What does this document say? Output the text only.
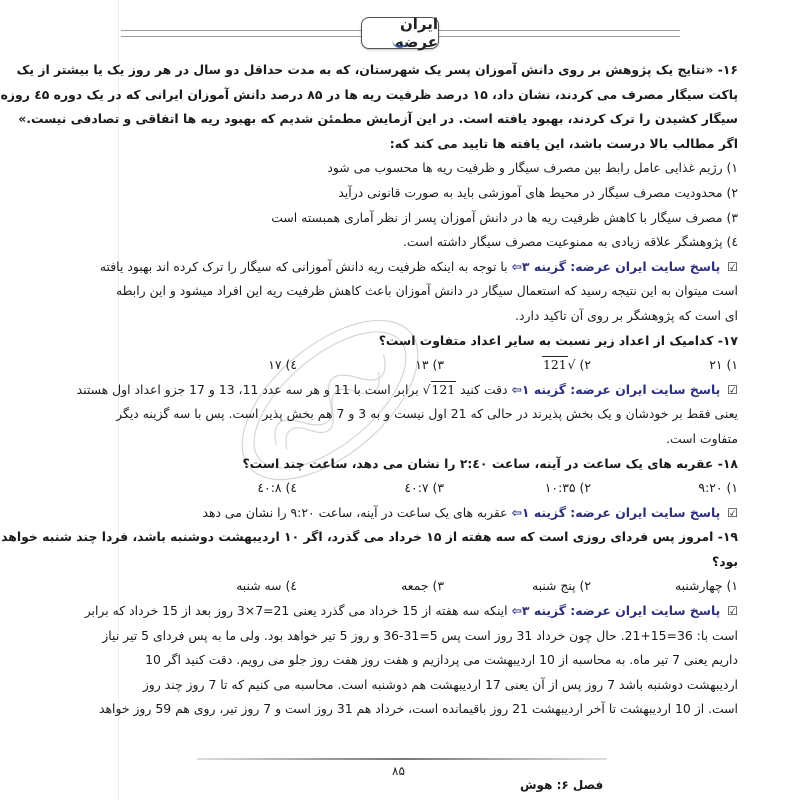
ایران عرضه
۱۶- «نتایج یک پژوهش بر روی دانش آموزان پسر یک شهرستان، که به مدت حداقل دو سال در هر روز یک یا بیشتر از یک
پاکت سیگار مصرف می کردند، نشان داد، ۱۵ درصد ظرفیت ریه ها در ۸۵ درصد دانش آموزان ایرانی که در یک دوره ٤۵ روزه
سیگار کشیدن را ترک کردند، بهبود یافته است. در این آزمایش مطمئن شدیم که بهبود ریه ها اتفاقی و تصادفی نیست.»
اگر مطالب بالا درست باشد، این یافته ها تایید می کند که:
۱) رژیم غذایی عامل رابط بین مصرف سیگار و ظرفیت ریه ها محسوب می شود
۲) محدودیت مصرف سیگار در محیط های آموزشی باید به صورت قانونی درآید
۳) مصرف سیگار با کاهش ظرفیت ریه ها در دانش آموزان پسر از نظر آماری همبسته است
٤) پژوهشگر علاقه زیادی به ممنوعیت مصرف سیگار داشته است.
☑ پاسخ سایت ایران عرضه: گزینه ۳⇦ با توجه به اینکه ظرفیت ریه دانش آموزانی که سیگار را ترک کرده اند بهبود یافته
است میتوان به این نتیجه رسید که استعمال سیگار در دانش آموزان باعث کاهش ظرفیت ریه این افراد میشود و این رابطه
ای است که پژوهشگر بر روی آن تاکید دارد.
۱۷- کدامیک از اعداد زیر نسبت به سایر اعداد متفاوت است؟
۱) ۲۱
۲) √121
۳) ۱۳
٤) ۱۷
☑ پاسخ سایت ایران عرضه: گزینه ۱⇦ دقت کنید √121 برابر است با 11 و هر سه عدد 11، 13 و 17 جزو اعداد اول هستند
یعنی فقط بر خودشان و یک بخش پذیرند در حالی که 21 اول نیست و به 3 و 7 هم بخش پذیر است. پس با سه گزینه دیگر
متفاوت است.
۱۸- عقربه های یک ساعت در آینه، ساعت ۲:٤۰ را نشان می دهد، ساعت چند است؟
۱) ۹:۲۰
۲) ۱۰:۳۵
۳) ۷:٤۰
٤) ۸:٤۰
☑ پاسخ سایت ایران عرضه: گزینه ۱⇦ عقربه های یک ساعت در آینه، ساعت ۹:۲۰ را نشان می دهد
۱۹- امروز پس فردای روزی است که سه هفته از ۱۵ خرداد می گذرد، اگر ۱۰ اردیبهشت دوشنبه باشد، فردا چند شنبه خواهد
بود؟
۱) چهارشنبه
۲) پنج شنبه
۳) جمعه
٤) سه شنبه
☑ پاسخ سایت ایران عرضه: گزینه ۳⇦ اینکه سه هفته از 15 خرداد می گذرد یعنی 21=7×3 روز بعد از 15 خرداد که برابر
است با: 36=15+21. حال چون خرداد 31 روز است پس 5=31-36 و روز 5 تیر خواهد بود. ولی ما به پس فردای 5 تیر نیاز
داریم یعنی 7 تیر ماه. به محاسبه از 10 اردیبهشت می پردازیم و هفت روز هفت روز جلو می رویم. دقت کنید اگر 10
اردیبهشت دوشنبه باشد 7 روز پس از آن یعنی 17 اردیبهشت هم دوشنبه است. محاسبه می کنیم که تا 7 روز چند روز
است. از 10 اردیبهشت تا آخر اردیبهشت 21 روز باقیمانده است، خرداد هم 31 روز است و 7 روز تیر، روی هم 59 روز خواهد
۸۵
فصل ۶: هوش
